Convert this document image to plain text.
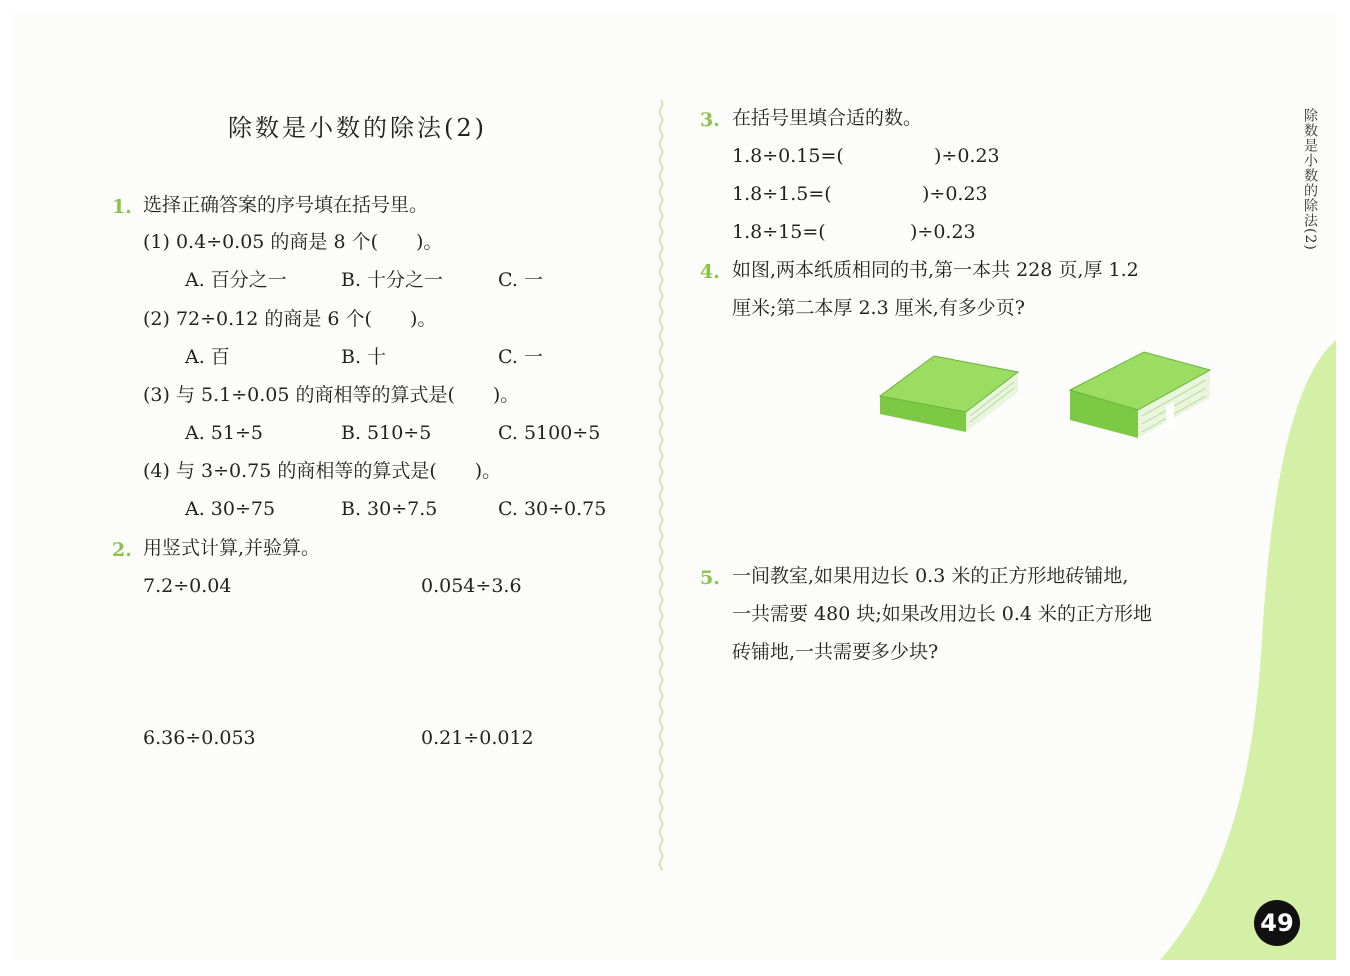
除数是小数的除法(2)
1. 选择正确答案的序号填在括号里。
(1) 0.4÷0.05 的商是 8 个(　　)。
A. 百分之一	B. 十分之一	C. 一
(2) 72÷0.12 的商是 6 个(　　)。
A. 百	B. 十	C. 一
(3) 与 5.1÷0.05 的商相等的算式是(　　)。
A. 51÷5	B. 510÷5	C. 5100÷5
(4) 与 3÷0.75 的商相等的算式是(　　)。
A. 30÷75	B. 30÷7.5	C. 30÷0.75
2. 用竖式计算,并验算。
7.2÷0.04	0.054÷3.6
6.36÷0.053	0.21÷0.012
3. 在括号里填合适的数。
1.8÷0.15=(	)÷0.23
1.8÷1.5=(	)÷0.23
1.8÷15=(	)÷0.23
4. 如图,两本纸质相同的书,第一本共 228 页,厚 1.2
厘米;第二本厚 2.3 厘米,有多少页?
5. 一间教室,如果用边长 0.3 米的正方形地砖铺地,
一共需要 480 块;如果改用边长 0.4 米的正方形地
砖铺地,一共需要多少块?
除数是小数的除法(2)
49
